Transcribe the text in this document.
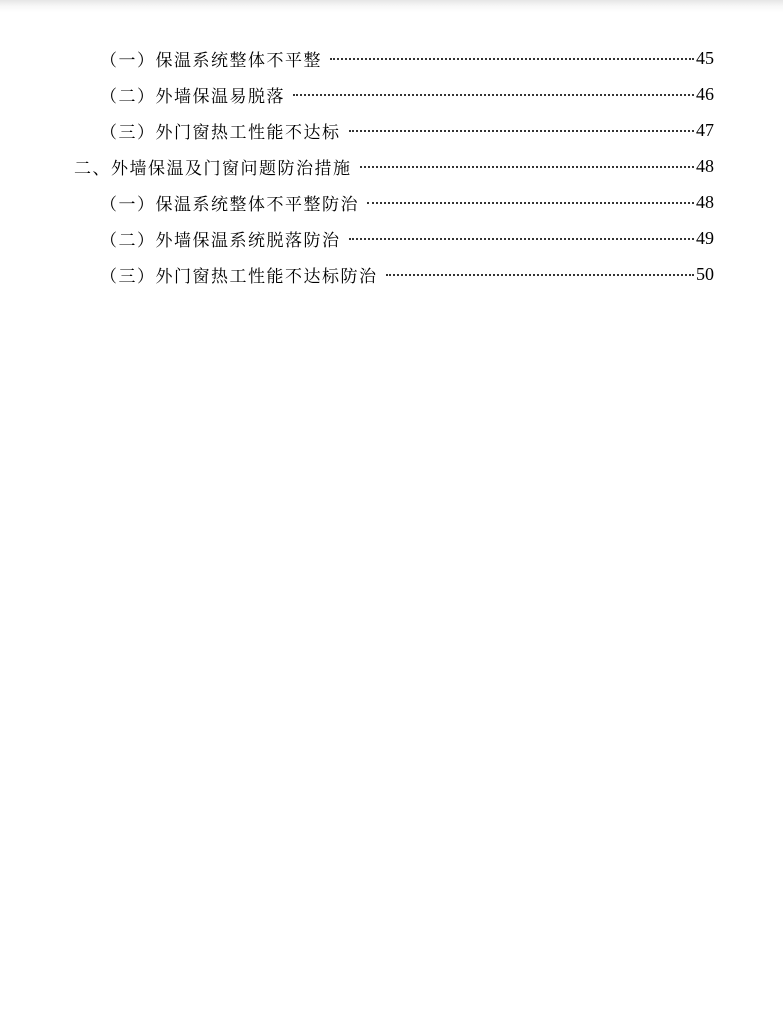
（一）保温系统整体不平整	45
（二）外墙保温易脱落	46
（三）外门窗热工性能不达标	47
二、外墙保温及门窗问题防治措施	48
（一）保温系统整体不平整防治	48
（二）外墙保温系统脱落防治	49
（三）外门窗热工性能不达标防治	50
